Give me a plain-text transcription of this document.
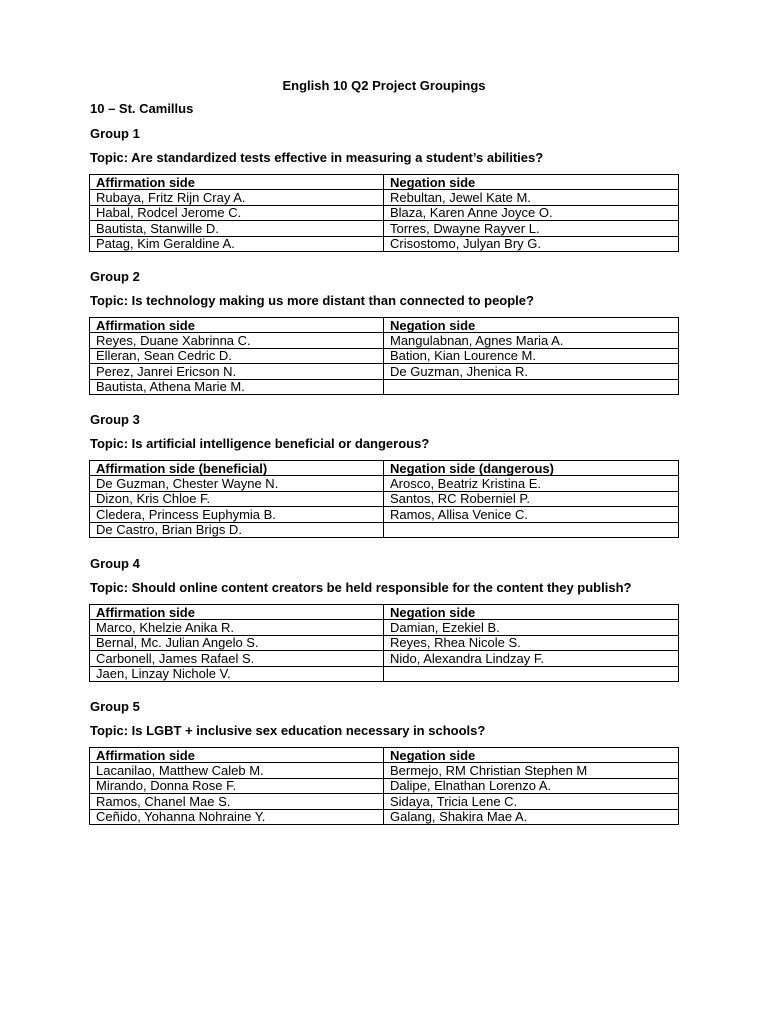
English 10 Q2 Project Groupings
10 – St. Camillus
Group 1
Topic: Are standardized tests effective in measuring a student’s abilities?
Affirmation side	Negation side
Rubaya, Fritz Rijn Cray A.	Rebultan, Jewel Kate M.
Habal, Rodcel Jerome C.	Blaza, Karen Anne Joyce O.
Bautista, Stanwille D.	Torres, Dwayne Rayver L.
Patag, Kim Geraldine A.	Crisostomo, Julyan Bry G.
Group 2
Topic: Is technology making us more distant than connected to people?
Affirmation side	Negation side
Reyes, Duane Xabrinna C.	Mangulabnan, Agnes Maria A.
Elleran, Sean Cedric D.	Bation, Kian Lourence M.
Perez, Janrei Ericson N.	De Guzman, Jhenica R.
Bautista, Athena Marie M.	
Group 3
Topic: Is artificial intelligence beneficial or dangerous?
Affirmation side (beneficial)	Negation side (dangerous)
De Guzman, Chester Wayne N.	Arosco, Beatriz Kristina E.
Dizon, Kris Chloe F.	Santos, RC Roberniel P.
Cledera, Princess Euphymia B.	Ramos, Allisa Venice C.
De Castro, Brian Brigs D.	
Group 4
Topic: Should online content creators be held responsible for the content they publish?
Affirmation side	Negation side
Marco, Khelzie Anika R.	Damian, Ezekiel B.
Bernal, Mc. Julian Angelo S.	Reyes, Rhea Nicole S.
Carbonell, James Rafael S.	Nido, Alexandra Lindzay F.
Jaen, Linzay Nichole V.	
Group 5
Topic: Is LGBT + inclusive sex education necessary in schools?
Affirmation side	Negation side
Lacanilao, Matthew Caleb M.	Bermejo, RM Christian Stephen M
Mirando, Donna Rose F.	Dalipe, Elnathan Lorenzo A.
Ramos, Chanel Mae S.	Sidaya, Tricia Lene C.
Ceñido, Yohanna Nohraine Y.	Galang, Shakira Mae A.
